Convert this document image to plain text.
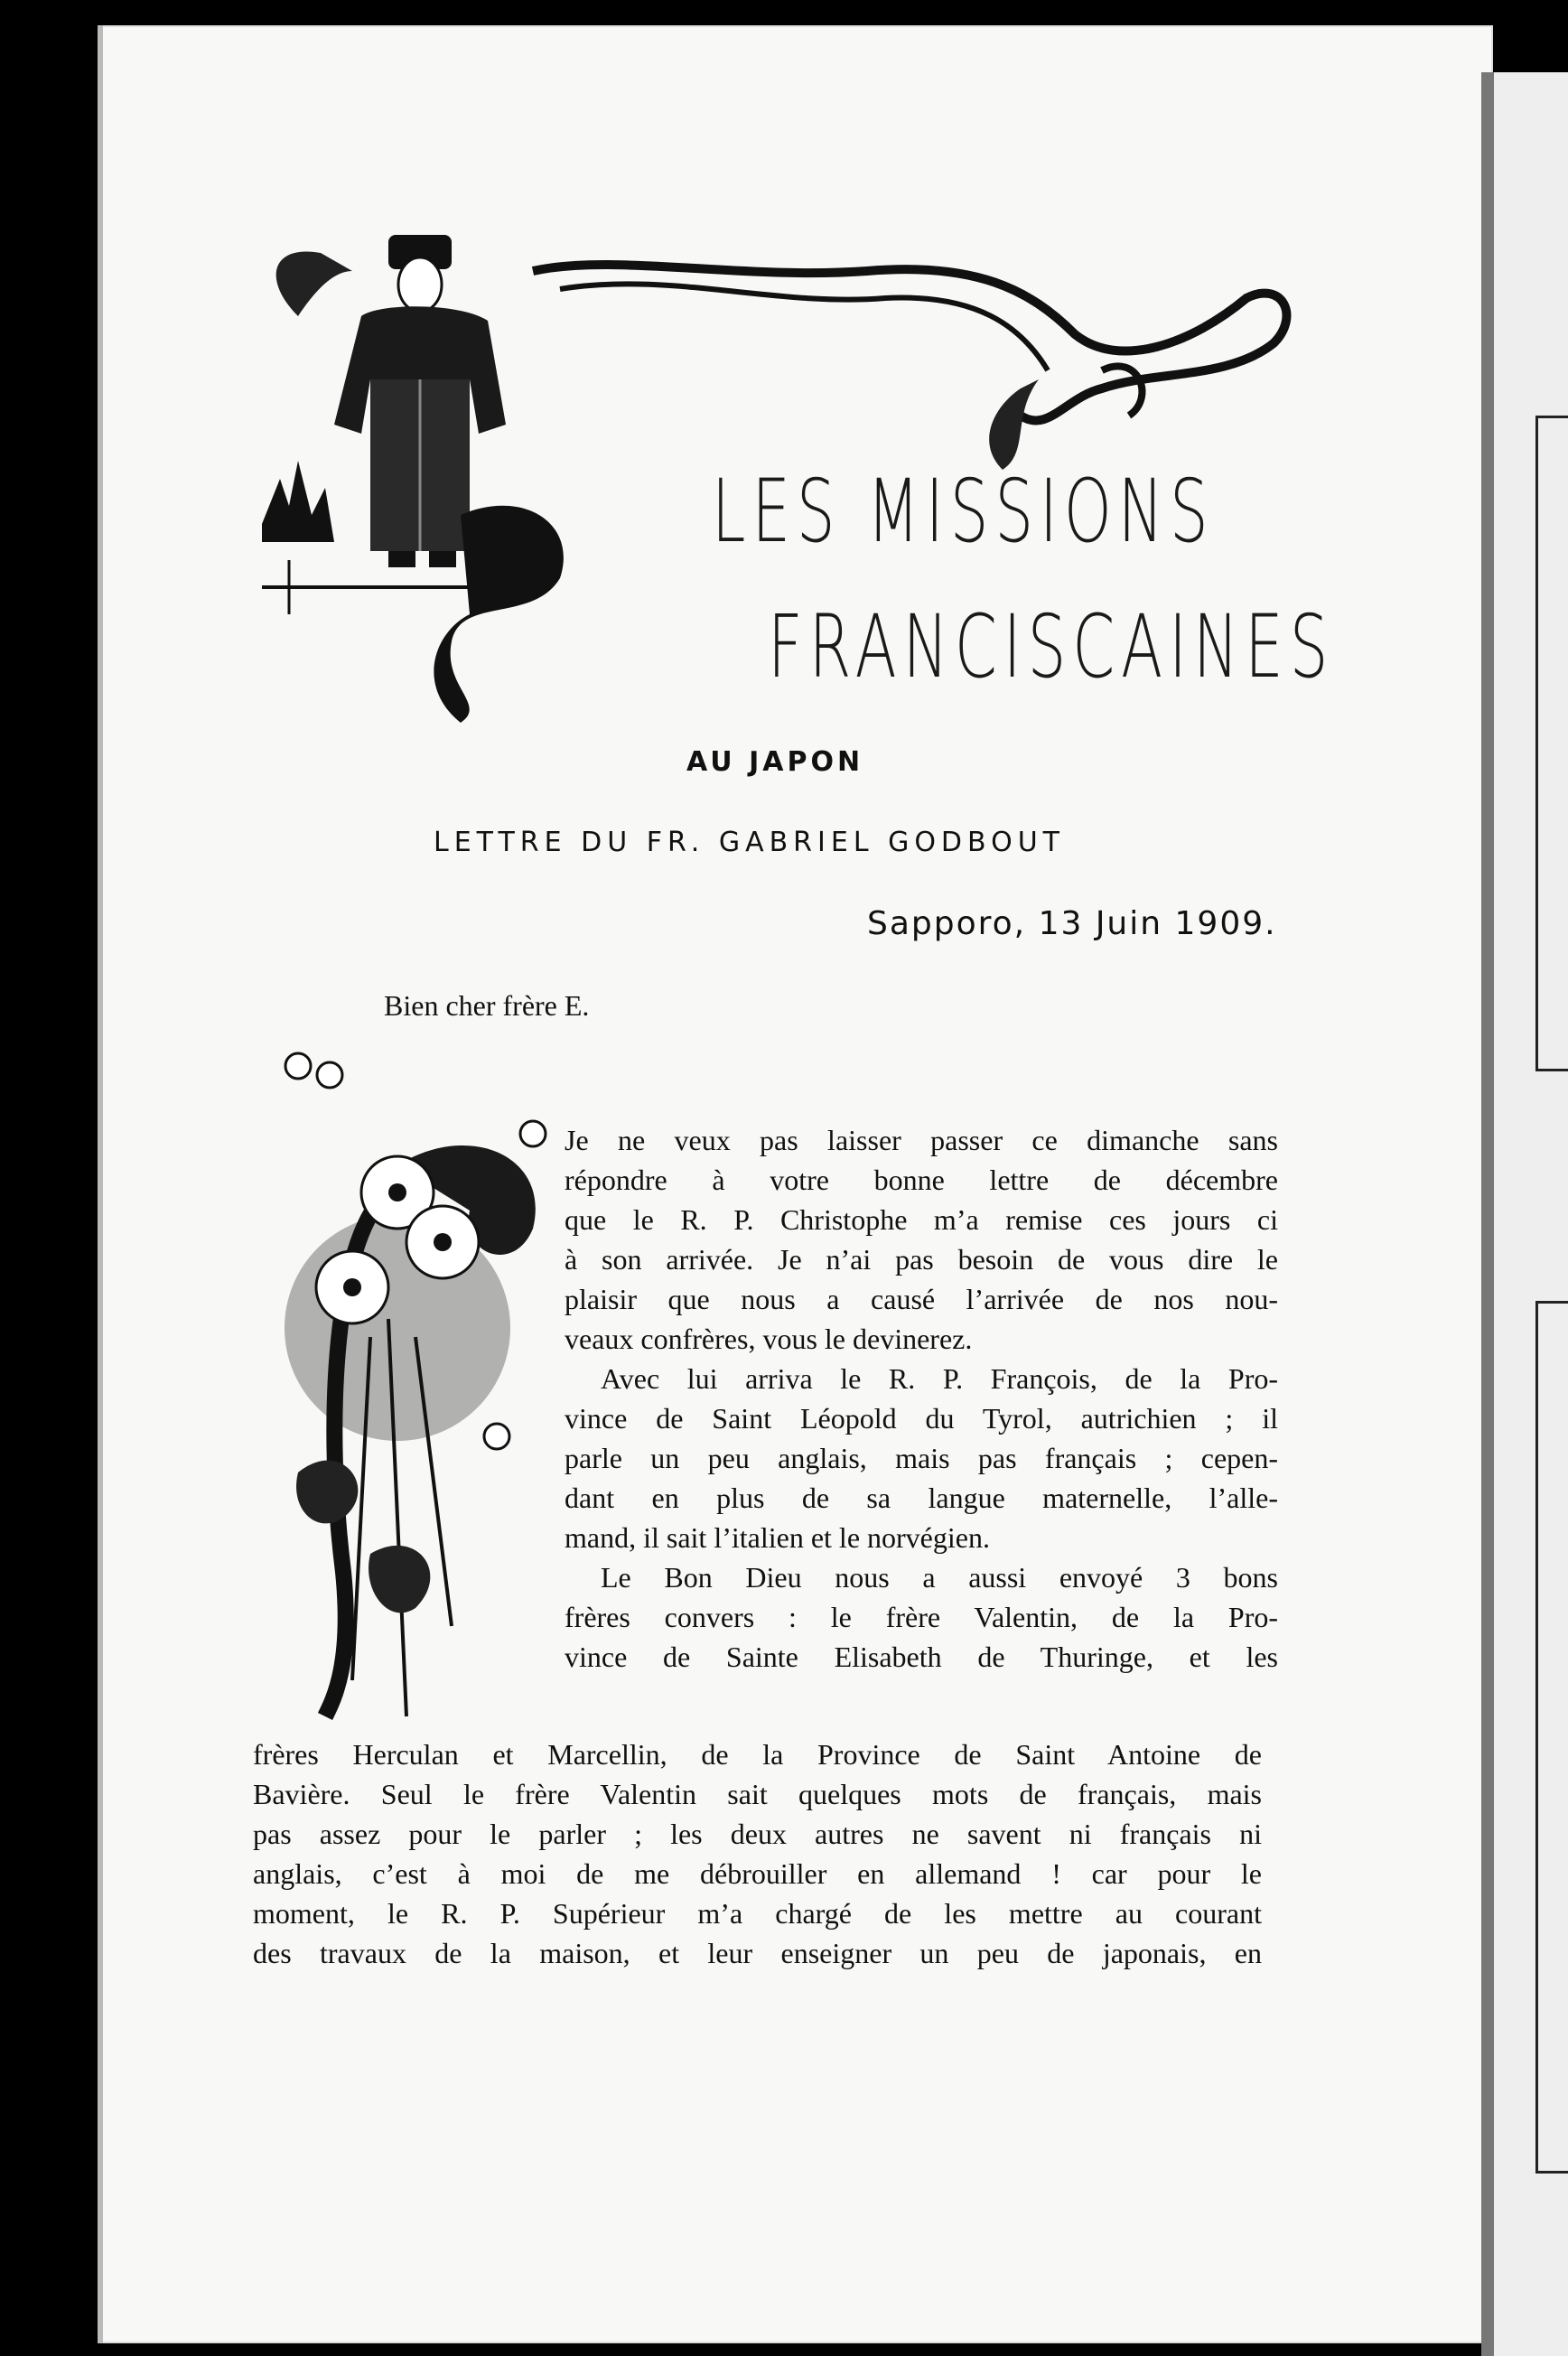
LES MISSIONS
FRANCISCAINES
AU JAPON
LETTRE DU FR. GABRIEL GODBOUT
Sapporo, 13 Juin 1909.
Bien cher frère E.
Je ne veux pas laisser passer ce dimanche sans
répondre à votre bonne lettre de décembre
que le R. P. Christophe m’a remise ces jours ci
à son arrivée. Je n’ai pas besoin de vous dire le
plaisir que nous a causé l’arrivée de nos nou-
veaux confrères, vous le devinerez.
Avec lui arriva le R. P. François, de la Pro-
vince de Saint Léopold du Tyrol, autrichien ; il
parle un peu anglais, mais pas français ; cepen-
dant en plus de sa langue maternelle, l’alle-
mand, il sait l’italien et le norvégien.
Le Bon Dieu nous a aussi envoyé 3 bons
frères convers : le frère Valentin, de la Pro-
vince de Sainte Elisabeth de Thuringe, et les
frères Herculan et Marcellin, de la Province de Saint Antoine de
Bavière. Seul le frère Valentin sait quelques mots de français, mais
pas assez pour le parler ; les deux autres ne savent ni français ni
anglais, c’est à moi de me débrouiller en allemand ! car pour le
moment, le R. P. Supérieur m’a chargé de les mettre au courant
des travaux de la maison, et leur enseigner un peu de japonais, en
